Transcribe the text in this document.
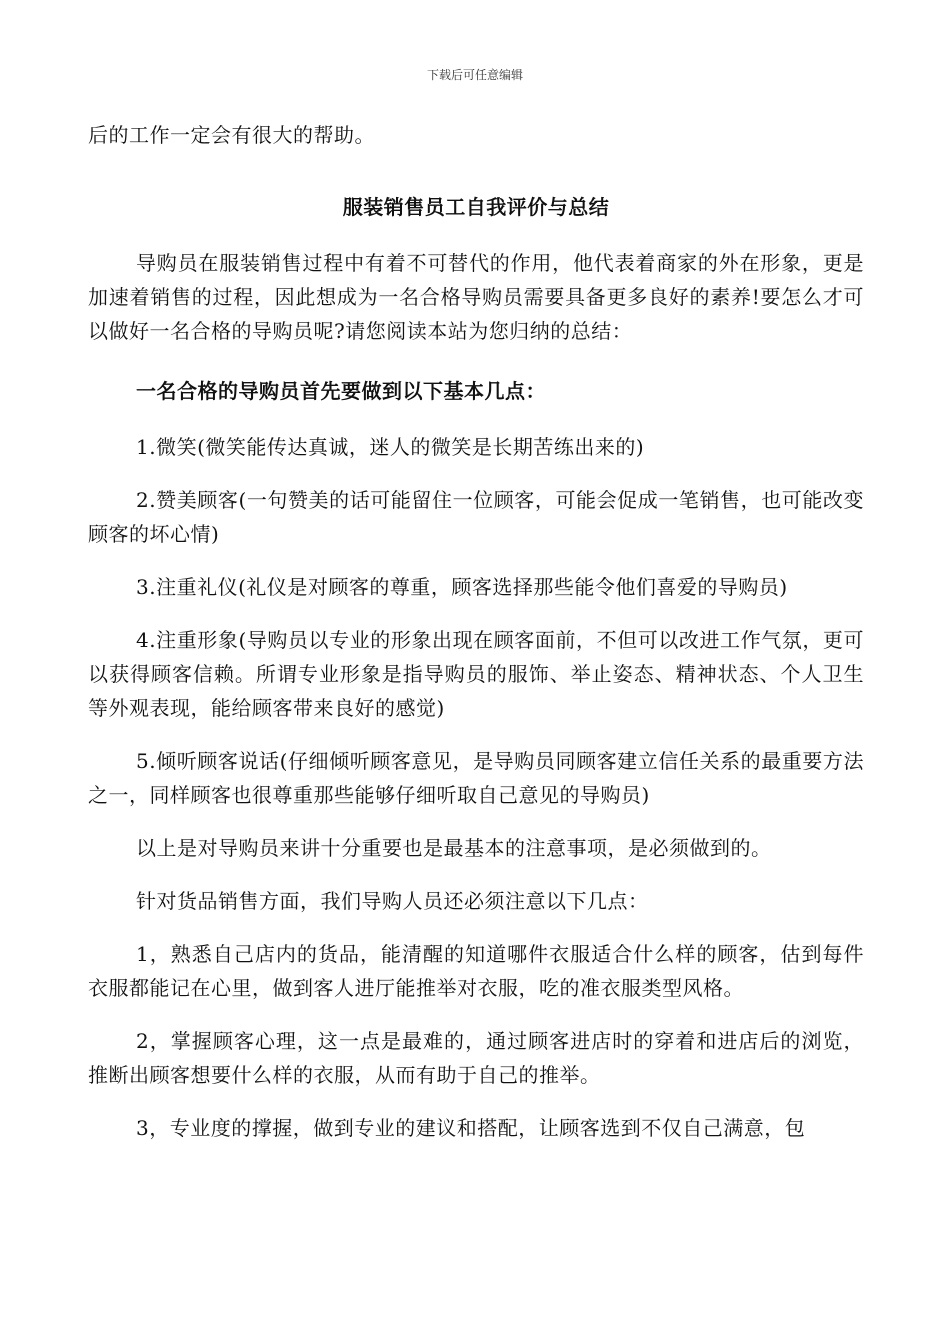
下载后可任意编辑

后的工作一定会有很大的帮助。

服装销售员工自我评价与总结

导购员在服装销售过程中有着不可替代的作用，他代表着商家的外在形象，更是加速着销售的过程，因此想成为一名合格导购员需要具备更多良好的素养!要怎么才可以做好一名合格的导购员呢?请您阅读本站为您归纳的总结：

一名合格的导购员首先要做到以下基本几点：

1.微笑(微笑能传达真诚，迷人的微笑是长期苦练出来的)

2.赞美顾客(一句赞美的话可能留住一位顾客，可能会促成一笔销售，也可能改变顾客的坏心情)

3.注重礼仪(礼仪是对顾客的尊重，顾客选择那些能令他们喜爱的导购员)

4.注重形象(导购员以专业的形象出现在顾客面前，不但可以改进工作气氛，更可以获得顾客信赖。所谓专业形象是指导购员的服饰、举止姿态、精神状态、个人卫生等外观表现，能给顾客带来良好的感觉)

5.倾听顾客说话(仔细倾听顾客意见，是导购员同顾客建立信任关系的最重要方法之一，同样顾客也很尊重那些能够仔细听取自己意见的导购员)

以上是对导购员来讲十分重要也是最基本的注意事项，是必须做到的。

针对货品销售方面，我们导购人员还必须注意以下几点：

1，熟悉自己店内的货品，能清醒的知道哪件衣服适合什么样的顾客，估到每件衣服都能记在心里，做到客人进厅能推举对衣服，吃的准衣服类型风格。

2，掌握顾客心理，这一点是最难的，通过顾客进店时的穿着和进店后的浏览，推断出顾客想要什么样的衣服，从而有助于自己的推举。

3，专业度的撑握，做到专业的建议和搭配，让顾客选到不仅自己满意，包
